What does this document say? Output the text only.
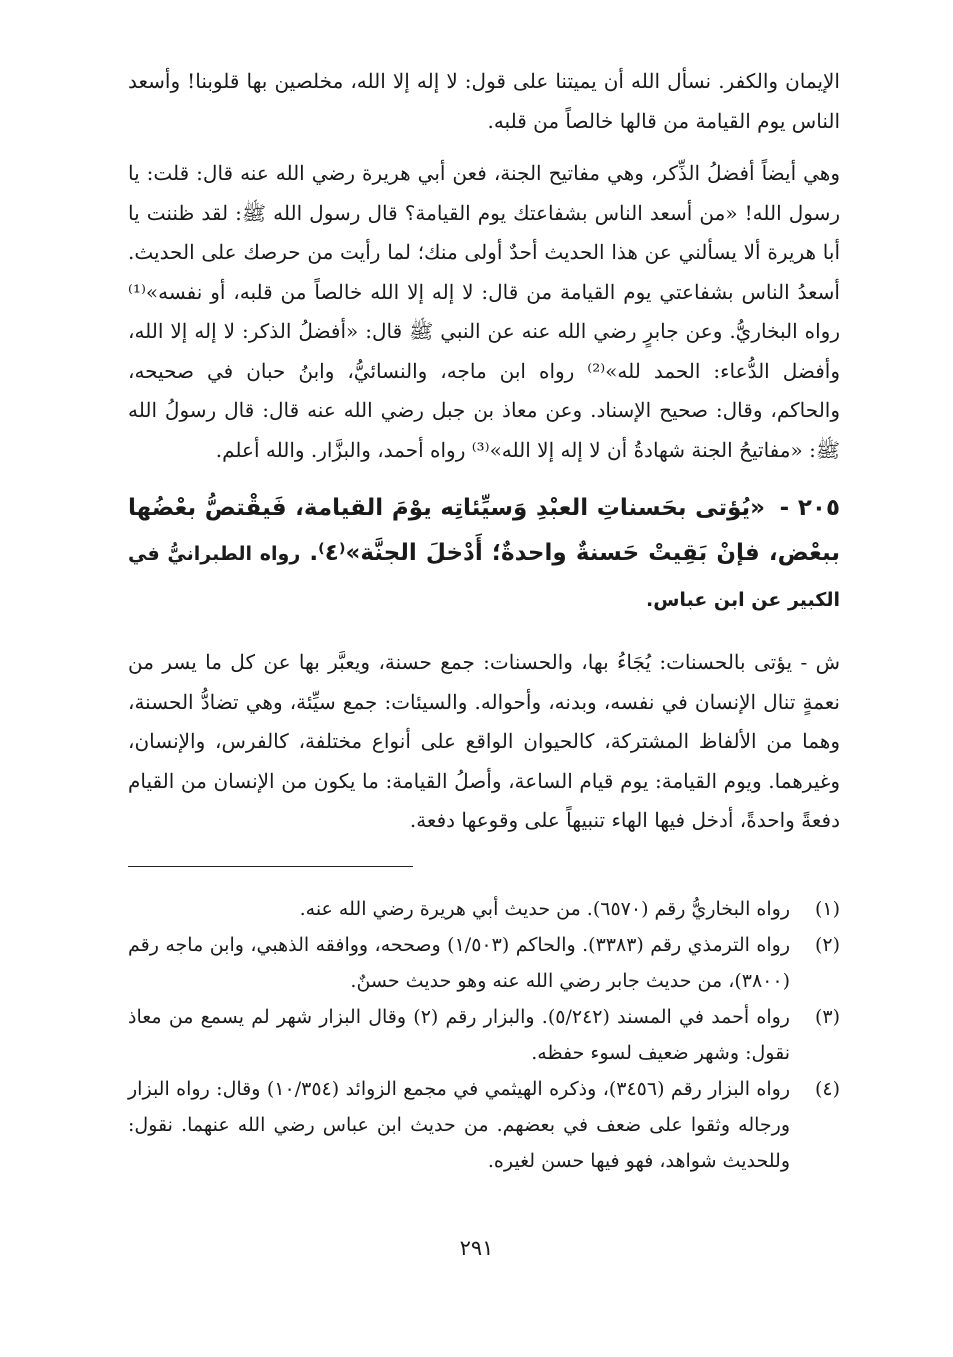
الإيمان والكفر. نسأل الله أن يميتنا على قول: لا إله إلا الله، مخلصين بها قلوبنا! وأسعد الناس يوم القيامة من قالها خالصاً من قلبه.

وهي أيضاً أفضلُ الذِّكر، وهي مفاتيح الجنة، فعن أبي هريرة رضي الله عنه قال: قلت: يا رسول الله! «من أسعد الناس بشفاعتك يوم القيامة؟ قال رسول الله ﷺ: لقد ظننت يا أبا هريرة ألا يسألني عن هذا الحديث أحدٌ أولى منك؛ لما رأيت من حرصك على الحديث. أسعدُ الناس بشفاعتي يوم القيامة من قال: لا إله إلا الله خالصاً من قلبه، أو نفسه»⁽¹⁾ رواه البخاريُّ. وعن جابرٍ رضي الله عنه عن النبي ﷺ قال: «أفضلُ الذكر: لا إله إلا الله، وأفضل الدُّعاء: الحمد لله»⁽²⁾ رواه ابن ماجه، والنسائيُّ، وابنُ حبان في صحيحه، والحاكم، وقال: صحيح الإسناد. وعن معاذ بن جبل رضي الله عنه قال: قال رسولُ الله ﷺ: «مفاتيحُ الجنة شهادةُ أن لا إله إلا الله»⁽³⁾ رواه أحمد، والبزَّار. والله أعلم.

٢٠٥ - «يُؤتى بحَسناتِ العبْدِ وَسيِّئاتِه يوْمَ القيامة، فَيقْتصُّ بعْضُها ببعْض، فإنْ بَقِيتْ حَسنةٌ واحدةٌ؛ أَدْخلَ الجنَّة»⁽٤⁾. رواه الطبرانيُّ في الكبير عن ابن عباس.

ش - يؤتى بالحسنات: يُجَاءُ بها، والحسنات: جمع حسنة، ويعبَّر بها عن كل ما يسر من نعمةٍ تنال الإنسان في نفسه، وبدنه، وأحواله. والسيئات: جمع سيِّئة، وهي تضادُّ الحسنة، وهما من الألفاظ المشتركة، كالحيوان الواقع على أنواع مختلفة، كالفرس، والإنسان، وغيرهما. ويوم القيامة: يوم قيام الساعة، وأصلُ القيامة: ما يكون من الإنسان من القيام دفعةً واحدةً، أدخل فيها الهاء تنبيهاً على وقوعها دفعة.

(١)
رواه البخاريُّ رقم (٦٥٧٠). من حديث أبي هريرة رضي الله عنه.
(٢)
رواه الترمذي رقم (٣٣٨٣). والحاكم (١/٥٠٣) وصححه، ووافقه الذهبي، وابن ماجه رقم (٣٨٠٠)، من حديث جابر رضي الله عنه وهو حديث حسنٌ.
(٣)
رواه أحمد في المسند (٥/٢٤٢). والبزار رقم (٢) وقال البزار شهر لم يسمع من معاذ نقول: وشهر ضعيف لسوء حفظه.
(٤)
رواه البزار رقم (٣٤٥٦)، وذكره الهيثمي في مجمع الزوائد (١٠/٣٥٤) وقال: رواه البزار ورجاله وثقوا على ضعف في بعضهم. من حديث ابن عباس رضي الله عنهما. نقول: وللحديث شواهد، فهو فيها حسن لغيره.
٢٩١
